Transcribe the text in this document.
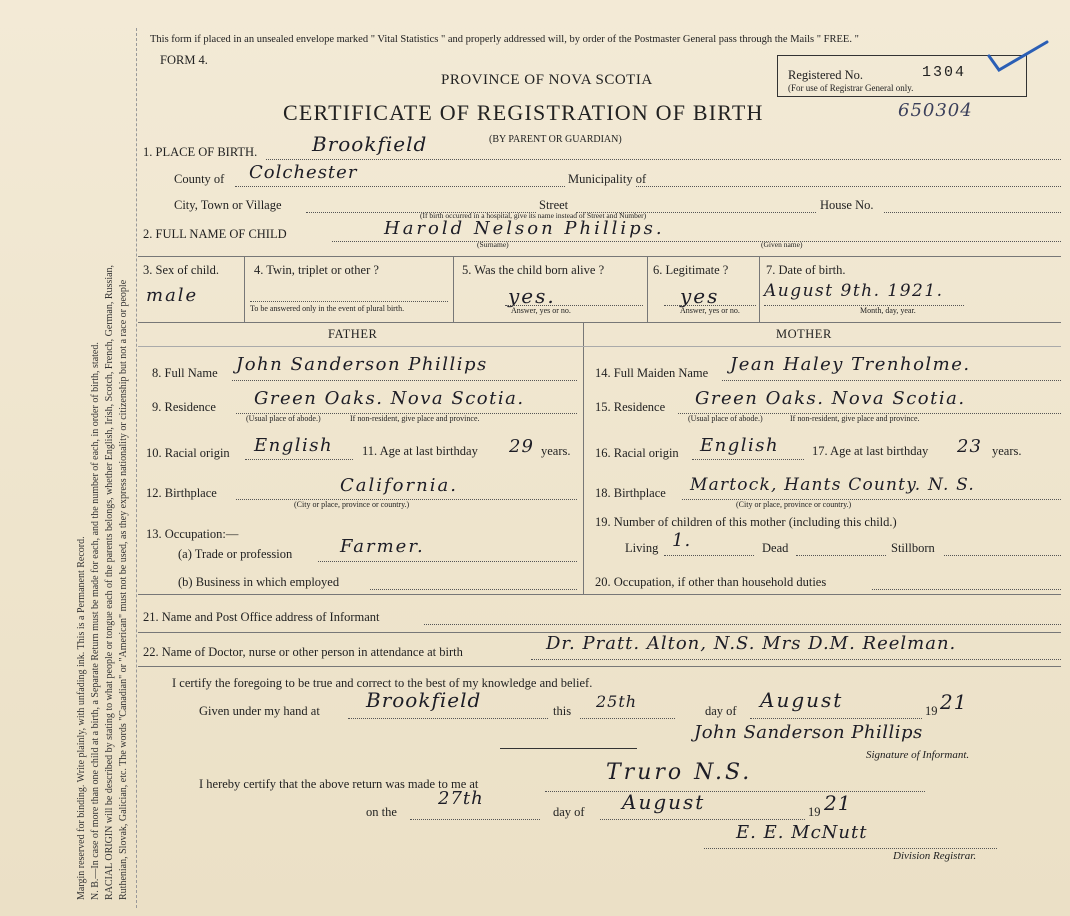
Margin reserved for binding. Write plainly, with unfading ink. This is a Permanent Record. N. B.—In case of more than one child at a birth, a Separate Return must be made for each, and the number of each, in order of birth, stated. RACIAL ORIGIN will be described by stating to what people or tongue each of the parents belongs, whether English, Irish, Scotch, French, German, Russian, Ruthenian, Slovak, Galician, etc. The words "Canadian" or "American" must not be used, as they express nationality or citizenship but not a race or people
This form if placed in an unsealed envelope marked " Vital Statistics " and properly addressed will, by order of the Postmaster General pass through the Mails " FREE. "
FORM 4.
PROVINCE OF NOVA SCOTIA
CERTIFICATE OF REGISTRATION OF BIRTH
(BY PARENT OR GUARDIAN)
650304
Registered No.	1304
(For use of Registrar General only.
1. PLACE OF BIRTH.	Brookfield
County of Colchester	Municipality of
City, Town or Village	Street	House No.
(If birth occurred in a hospital, give its name instead of Street and Number)
2. FULL NAME OF CHILD	Harold Nelson Phillips.
(Surname)	(Given name)
3. Sex of child.
male
4. Twin, triplet or other ?
To be answered only in the event of plural birth.
5. Was the child born alive ?
yes.
Answer, yes or no.
6. Legitimate ?
yes
Answer, yes or no.
7. Date of birth.
August 9th. 1921.
Month, day, year.
FATHER	MOTHER
8. Full Name John Sanderson Phillips
9. Residence Green Oaks. Nova Scotia.
(Usual place of abode.)	If non-resident, give place and province.
10. Racial origin English 11. Age at last birthday 29 years.
12. Birthplace	California.
(City or place, province or country.)
13. Occupation:—
(a) Trade or profession	Farmer.
(b) Business in which employed
14. Full Maiden Name Jean Haley Trenholme.
15. Residence Green Oaks. Nova Scotia.
(Usual place of abode.)	If non-resident, give place and province.
16. Racial origin English	17. Age at last birthday 23 years.
18. Birthplace Martock, Hants County. N. S.
(City or place, province or country.)
19. Number of children of this mother (including this child.)
Living 1.	Dead	Stillborn
20. Occupation, if other than household duties
21. Name and Post Office address of Informant
22. Name of Doctor, nurse or other person in attendance at birth	Dr. Pratt. Alton, N.S. Mrs D.M. Reelman.
I certify the foregoing to be true and correct to the best of my knowledge and belief.
Given under my hand at Brookfield	this 25th	day of August	19 21
John Sanderson Phillips
Signature of Informant.
I hereby certify that the above return was made to me at	Truro N.S.
on the
27th
day of August	19 21
E. E. McNutt
Division Registrar.
